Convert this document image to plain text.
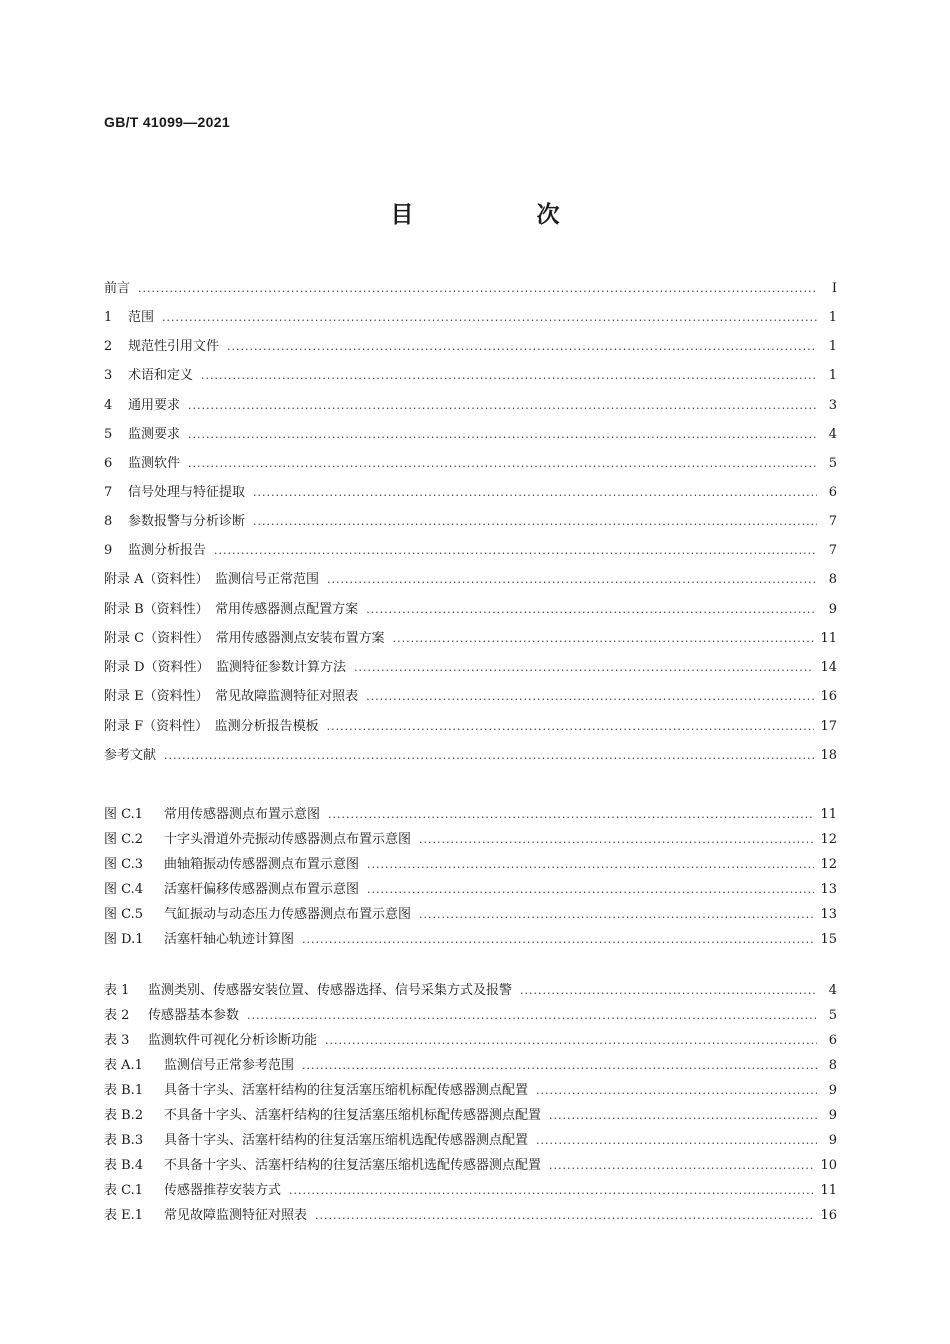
GB/T 41099—2021
目　次
前言 .....	Ⅰ
1	范围 .....	1
2	规范性引用文件 .....	1
3	术语和定义 .....	1
4	通用要求 .....	3
5	监测要求 .....	4
6	监测软件 .....	5
7	信号处理与特征提取 .....	6
8	参数报警与分析诊断 .....	7
9	监测分析报告 .....	7
附录 A（资料性）　监测信号正常范围 .....	8
附录 B（资料性）　常用传感器测点配置方案 .....	9
附录 C（资料性）　常用传感器测点安装布置方案 .....	11
附录 D（资料性）　监测特征参数计算方法 .....	14
附录 E（资料性）　常见故障监测特征对照表 .....	16
附录 F（资料性）　监测分析报告模板 .....	17
参考文献 .....	18
图 C.1	常用传感器测点布置示意图 .....	11
图 C.2	十字头滑道外壳振动传感器测点布置示意图 .....	12
图 C.3	曲轴箱振动传感器测点布置示意图 .....	12
图 C.4	活塞杆偏移传感器测点布置示意图 .....	13
图 C.5	气缸振动与动态压力传感器测点布置示意图 .....	13
图 D.1	活塞杆轴心轨迹计算图 .....	15
表 1	监测类别、传感器安装位置、传感器选择、信号采集方式及报警 .....	4
表 2	传感器基本参数 .....	5
表 3	监测软件可视化分析诊断功能 .....	6
表 A.1	监测信号正常参考范围 .....	8
表 B.1	具备十字头、活塞杆结构的往复活塞压缩机标配传感器测点配置 .....	9
表 B.2	不具备十字头、活塞杆结构的往复活塞压缩机标配传感器测点配置 .....	9
表 B.3	具备十字头、活塞杆结构的往复活塞压缩机选配传感器测点配置 .....	9
表 B.4	不具备十字头、活塞杆结构的往复活塞压缩机选配传感器测点配置 .....	10
表 C.1	传感器推荐安装方式 .....	11
表 E.1	常见故障监测特征对照表 .....	16
